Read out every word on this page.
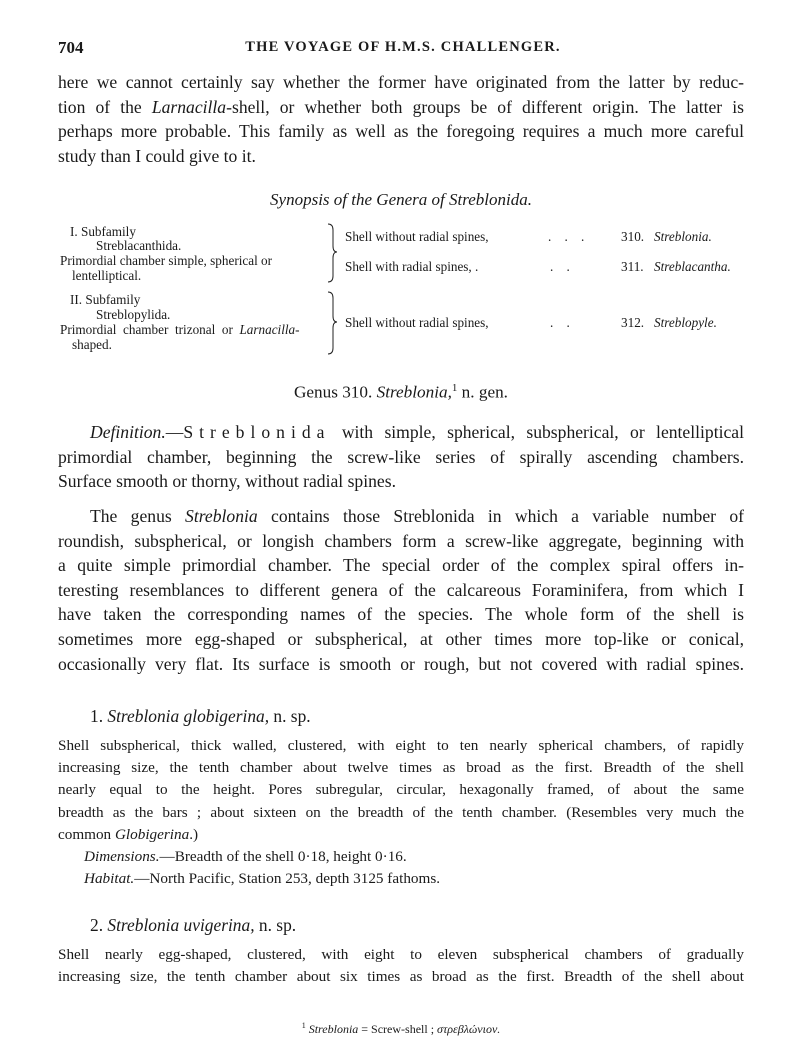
704	THE VOYAGE OF H.M.S. CHALLENGER.
here we cannot certainly say whether the former have originated from the latter by reduc-
tion of the Larnacilla-shell, or whether both groups be of different origin. The latter is
perhaps more probable. This family as well as the foregoing requires a much more careful
study than I could give to it.
Synopsis of the Genera of Streblonida.
I. Subfamily
Streblacanthida.
Primordial chamber simple, spherical or
lentelliptical.
Shell without radial spines,	.    .    .	310. Streblonia.
Shell with radial spines, .	.    .	311. Streblacantha.
II. Subfamily
Streblopylida.
Primordial  chamber  trizonal  or  Larnacilla-
shaped.
Shell without radial spines,	.    .	312. Streblopyle.
Genus 310. Streblonia,$^1$ n. gen.
Definition.—Streblonida with simple, spherical, subspherical, or lentelliptical
primordial chamber, beginning the screw-like series of spirally ascending chambers.
Surface smooth or thorny, without radial spines.
The genus Streblonia contains those Streblonida in which a variable number of
roundish, subspherical, or longish chambers form a screw-like aggregate, beginning with
a quite simple primordial chamber. The special order of the complex spiral offers in-
teresting resemblances to different genera of the calcareous Foraminifera, from which I
have taken the corresponding names of the species. The whole form of the shell is
sometimes more egg-shaped or subspherical, at other times more top-like or conical,
occasionally very flat. Its surface is smooth or rough, but not covered with radial spines.
1. Streblonia globigerina, n. sp.
Shell subspherical, thick walled, clustered, with eight to ten nearly spherical chambers, of rapidly
increasing size, the tenth chamber about twelve times as broad as the first. Breadth of the shell
nearly equal to the height. Pores subregular, circular, hexagonally framed, of about the same
breadth as the bars ; about sixteen on the breadth of the tenth chamber. (Resembles very much the
common Globigerina.)
Dimensions.—Breadth of the shell 0·18, height 0·16.
Habitat.—North Pacific, Station 253, depth 3125 fathoms.
2. Streblonia uvigerina, n. sp.
Shell nearly egg-shaped, clustered, with eight to eleven subspherical chambers of gradually
increasing size, the tenth chamber about six times as broad as the first. Breadth of the shell about
$^1$ Streblonia = Screw-shell ; στρεβλώνιον.
